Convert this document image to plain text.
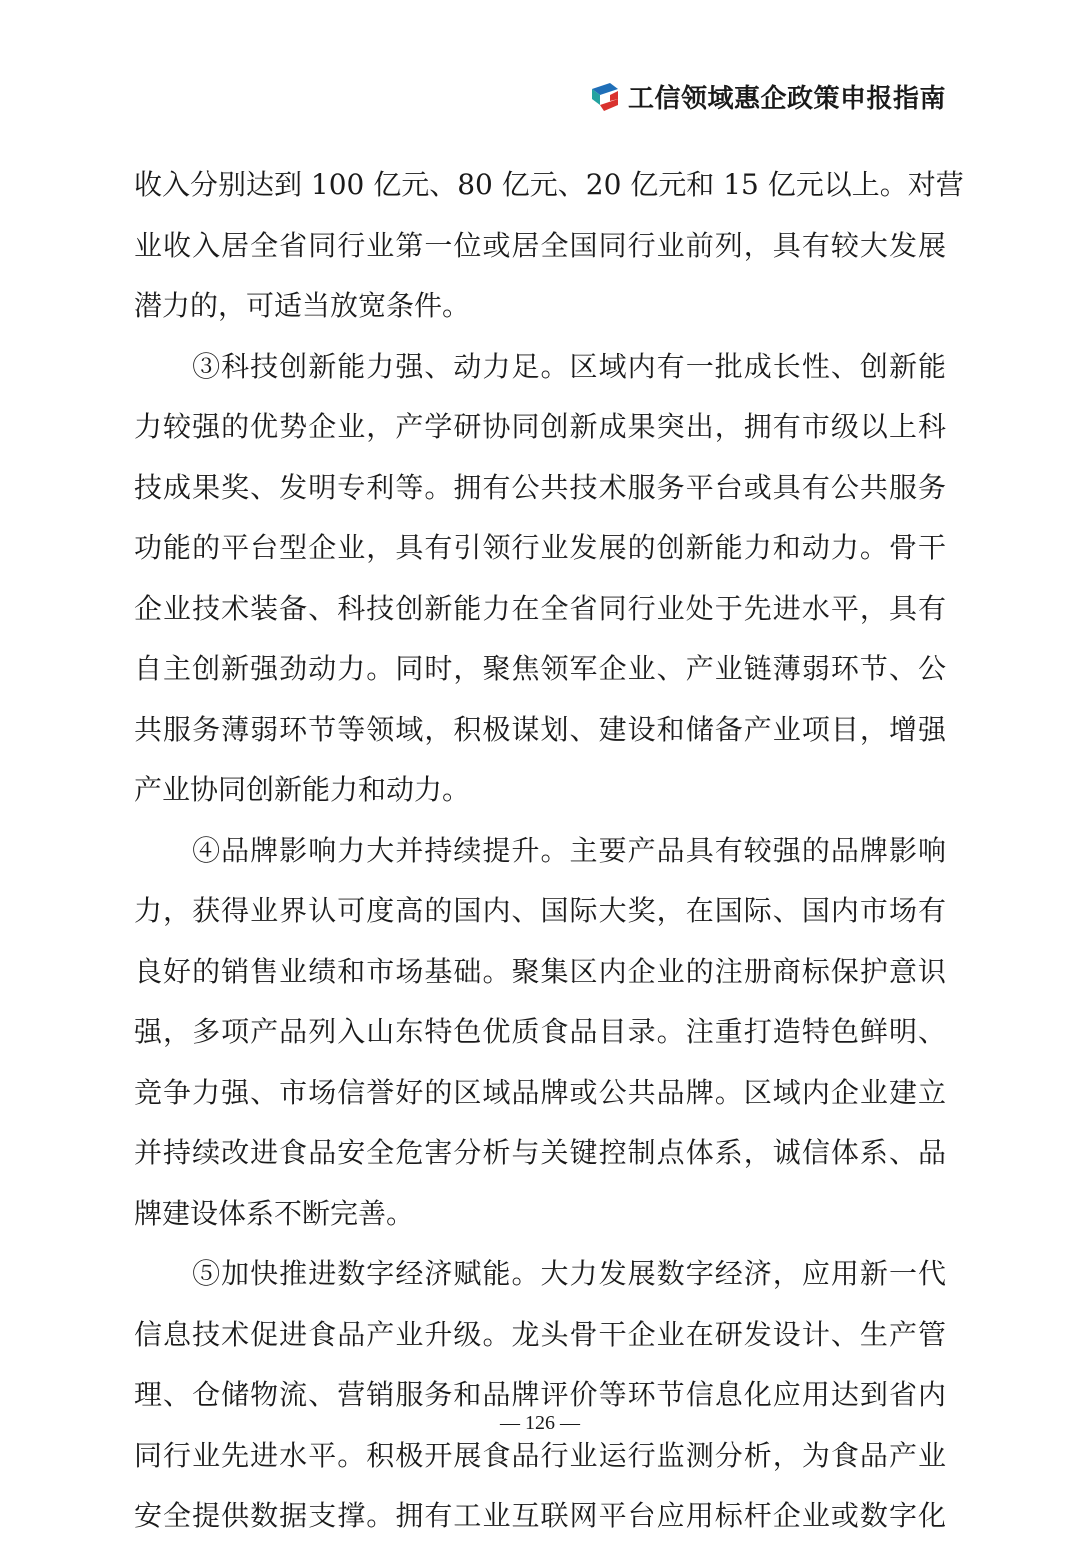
工信领域惠企政策申报指南
收入分别达到 100 亿元、80 亿元、20 亿元和 15 亿元以上。对营
业收入居全省同行业第一位或居全国同行业前列，具有较大发展
潜力的，可适当放宽条件。
　　③科技创新能力强、动力足。区域内有一批成长性、创新能
力较强的优势企业，产学研协同创新成果突出，拥有市级以上科
技成果奖、发明专利等。拥有公共技术服务平台或具有公共服务
功能的平台型企业，具有引领行业发展的创新能力和动力。骨干
企业技术装备、科技创新能力在全省同行业处于先进水平，具有
自主创新强劲动力。同时，聚焦领军企业、产业链薄弱环节、公
共服务薄弱环节等领域，积极谋划、建设和储备产业项目，增强
产业协同创新能力和动力。
　　④品牌影响力大并持续提升。主要产品具有较强的品牌影响
力，获得业界认可度高的国内、国际大奖，在国际、国内市场有
良好的销售业绩和市场基础。聚集区内企业的注册商标保护意识
强，多项产品列入山东特色优质食品目录。注重打造特色鲜明、
竞争力强、市场信誉好的区域品牌或公共品牌。区域内企业建立
并持续改进食品安全危害分析与关键控制点体系，诚信体系、品
牌建设体系不断完善。
　　⑤加快推进数字经济赋能。大力发展数字经济，应用新一代
信息技术促进食品产业升级。龙头骨干企业在研发设计、生产管
理、仓储物流、营销服务和品牌评价等环节信息化应用达到省内
同行业先进水平。积极开展食品行业运行监测分析，为食品产业
安全提供数据支撑。拥有工业互联网平台应用标杆企业或数字化
— 126 —
